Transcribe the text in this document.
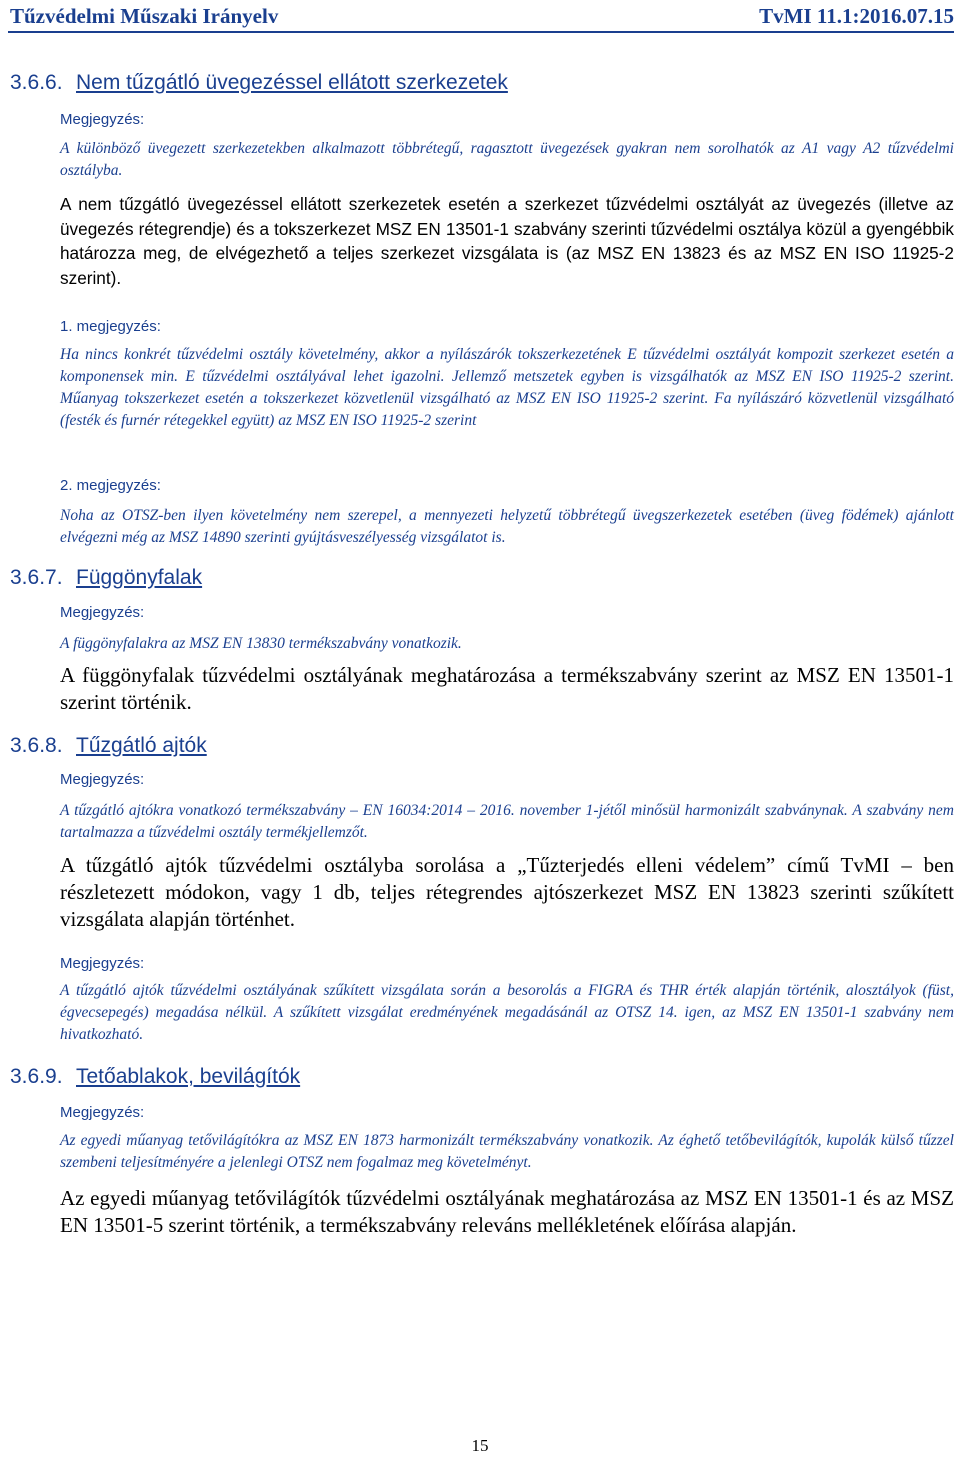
Tűzvédelmi Műszaki Irányelv	TvMI 11.1:2016.07.15
3.6.6. Nem tűzgátló üvegezéssel ellátott szerkezetek
Megjegyzés:
A különböző üvegezett szerkezetekben alkalmazott többrétegű, ragasztott üvegezések gyakran nem sorolhatók az A1 vagy A2 tűzvédelmi osztályba.
A nem tűzgátló üvegezéssel ellátott szerkezetek esetén a szerkezet tűzvédelmi osztályát az üvegezés (illetve az üvegezés rétegrendje) és a tokszerkezet MSZ EN 13501-1 szabvány szerinti tűzvédelmi osztálya közül a gyengébbik határozza meg, de elvégezhető a teljes szerkezet vizsgálata is (az MSZ EN 13823 és az MSZ EN ISO 11925-2 szerint).
1. megjegyzés:
Ha nincs konkrét tűzvédelmi osztály követelmény, akkor a nyílászárók tokszerkezetének E tűzvédelmi osztályát kompozit szerkezet esetén a komponensek min. E tűzvédelmi osztályával lehet igazolni. Jellemző metszetek egyben is vizsgálhatók az MSZ EN ISO 11925-2 szerint. Műanyag tokszerkezet esetén a tokszerkezet közvetlenül vizsgálható az MSZ EN ISO 11925-2 szerint. Fa nyílászáró közvetlenül vizsgálható (festék és furnér rétegekkel együtt) az MSZ EN ISO 11925-2 szerint
2. megjegyzés:
Noha az OTSZ-ben ilyen követelmény nem szerepel, a mennyezeti helyzetű többrétegű üvegszerkezetek esetében (üveg födémek) ajánlott elvégezni még az MSZ 14890 szerinti gyújtásveszélyesség vizsgálatot is.
3.6.7. Függönyfalak
Megjegyzés:
A függönyfalakra az MSZ EN 13830 termékszabvány vonatkozik.
A függönyfalak tűzvédelmi osztályának meghatározása a termékszabvány szerint az MSZ EN 13501-1 szerint történik.
3.6.8. Tűzgátló ajtók
Megjegyzés:
A tűzgátló ajtókra vonatkozó termékszabvány – EN 16034:2014 – 2016. november 1-jétől minősül harmonizált szabványnak. A szabvány nem tartalmazza a tűzvédelmi osztály termékjellemzőt.
A tűzgátló ajtók tűzvédelmi osztályba sorolása a „Tűzterjedés elleni védelem” című TvMI – ben részletezett módokon, vagy 1 db, teljes rétegrendes ajtószerkezet MSZ EN 13823 szerinti szűkített vizsgálata alapján történhet.
Megjegyzés:
A tűzgátló ajtók tűzvédelmi osztályának szűkített vizsgálata során a besorolás a FIGRA és THR érték alapján történik, alosztályok (füst, égvecsepegés) megadása nélkül. A szűkített vizsgálat eredményének megadásánál az OTSZ 14. igen, az MSZ EN 13501-1 szabvány nem hivatkozható.
3.6.9. Tetőablakok, bevilágítók
Megjegyzés:
Az egyedi műanyag tetővilágítókra az MSZ EN 1873 harmonizált termékszabvány vonatkozik. Az éghető tetőbevilágítók, kupolák külső tűzzel szembeni teljesítményére a jelenlegi OTSZ nem fogalmaz meg követelményt.
Az egyedi műanyag tetővilágítók tűzvédelmi osztályának meghatározása az MSZ EN 13501-1 és az MSZ EN 13501-5 szerint történik, a termékszabvány releváns mellékletének előírása alapján.
15
